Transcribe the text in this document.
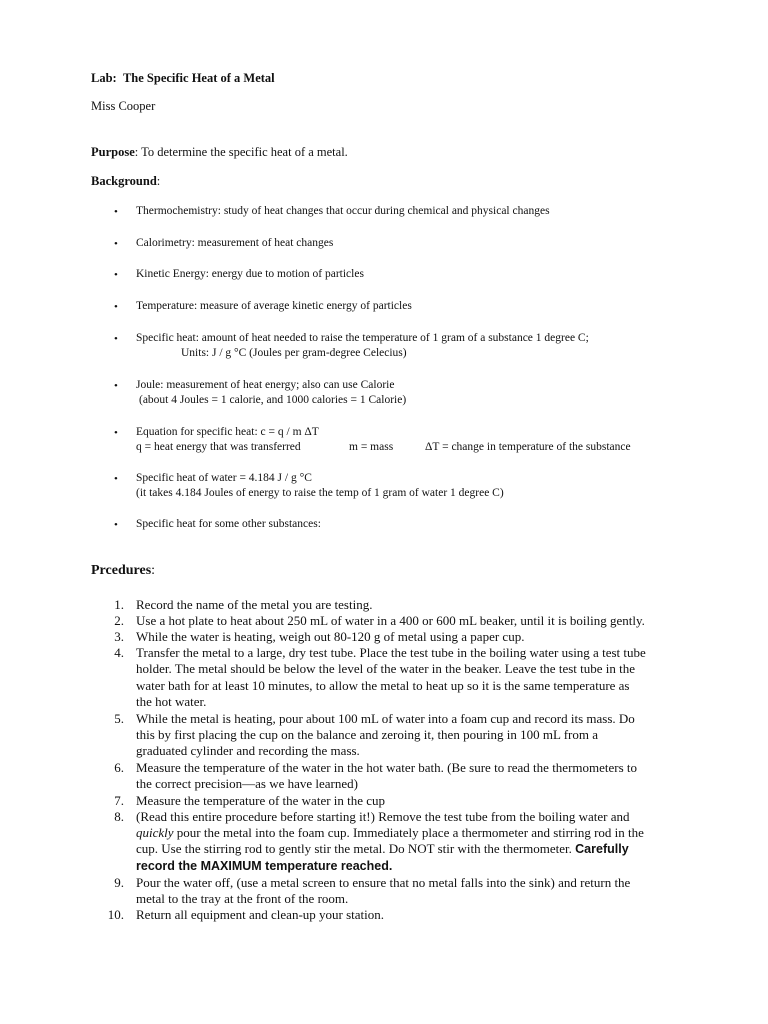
Lab: The Specific Heat of a Metal
Miss Cooper
Purpose: To determine the specific heat of a metal.
Background:
• Thermochemistry: study of heat changes that occur during chemical and physical changes
• Calorimetry: measurement of heat changes
• Kinetic Energy: energy due to motion of particles
• Temperature: measure of average kinetic energy of particles
• Specific heat: amount of heat needed to raise the temperature of 1 gram of a substance 1 degree C;
Units: J / g °C (Joules per gram-degree Celecius)
• Joule: measurement of heat energy; also can use Calorie
(about 4 Joules = 1 calorie, and 1000 calories = 1 Calorie)
• Equation for specific heat: c = q / m ΔT
q = heat energy that was transferred	m = mass	ΔT = change in temperature of the substance
• Specific heat of water = 4.184 J / g °C
(it takes 4.184 Joules of energy to raise the temp of 1 gram of water 1 degree C)
• Specific heat for some other substances:
Prcedures:
1. Record the name of the metal you are testing.
2. Use a hot plate to heat about 250 mL of water in a 400 or 600 mL beaker, until it is boiling gently.
3. While the water is heating, weigh out 80-120 g of metal using a paper cup.
4. Transfer the metal to a large, dry test tube. Place the test tube in the boiling water using a test tube
holder. The metal should be below the level of the water in the beaker. Leave the test tube in the
water bath for at least 10 minutes, to allow the metal to heat up so it is the same temperature as
the hot water.
5. While the metal is heating, pour about 100 mL of water into a foam cup and record its mass. Do
this by first placing the cup on the balance and zeroing it, then pouring in 100 mL from a
graduated cylinder and recording the mass.
6. Measure the temperature of the water in the hot water bath. (Be sure to read the thermometers to
the correct precision—as we have learned)
7. Measure the temperature of the water in the cup
8. (Read this entire procedure before starting it!) Remove the test tube from the boiling water and
quickly pour the metal into the foam cup. Immediately place a thermometer and stirring rod in the
cup. Use the stirring rod to gently stir the metal. Do NOT stir with the thermometer. Carefully
record the MAXIMUM temperature reached.
9. Pour the water off, (use a metal screen to ensure that no metal falls into the sink) and return the
metal to the tray at the front of the room.
10. Return all equipment and clean-up your station.
